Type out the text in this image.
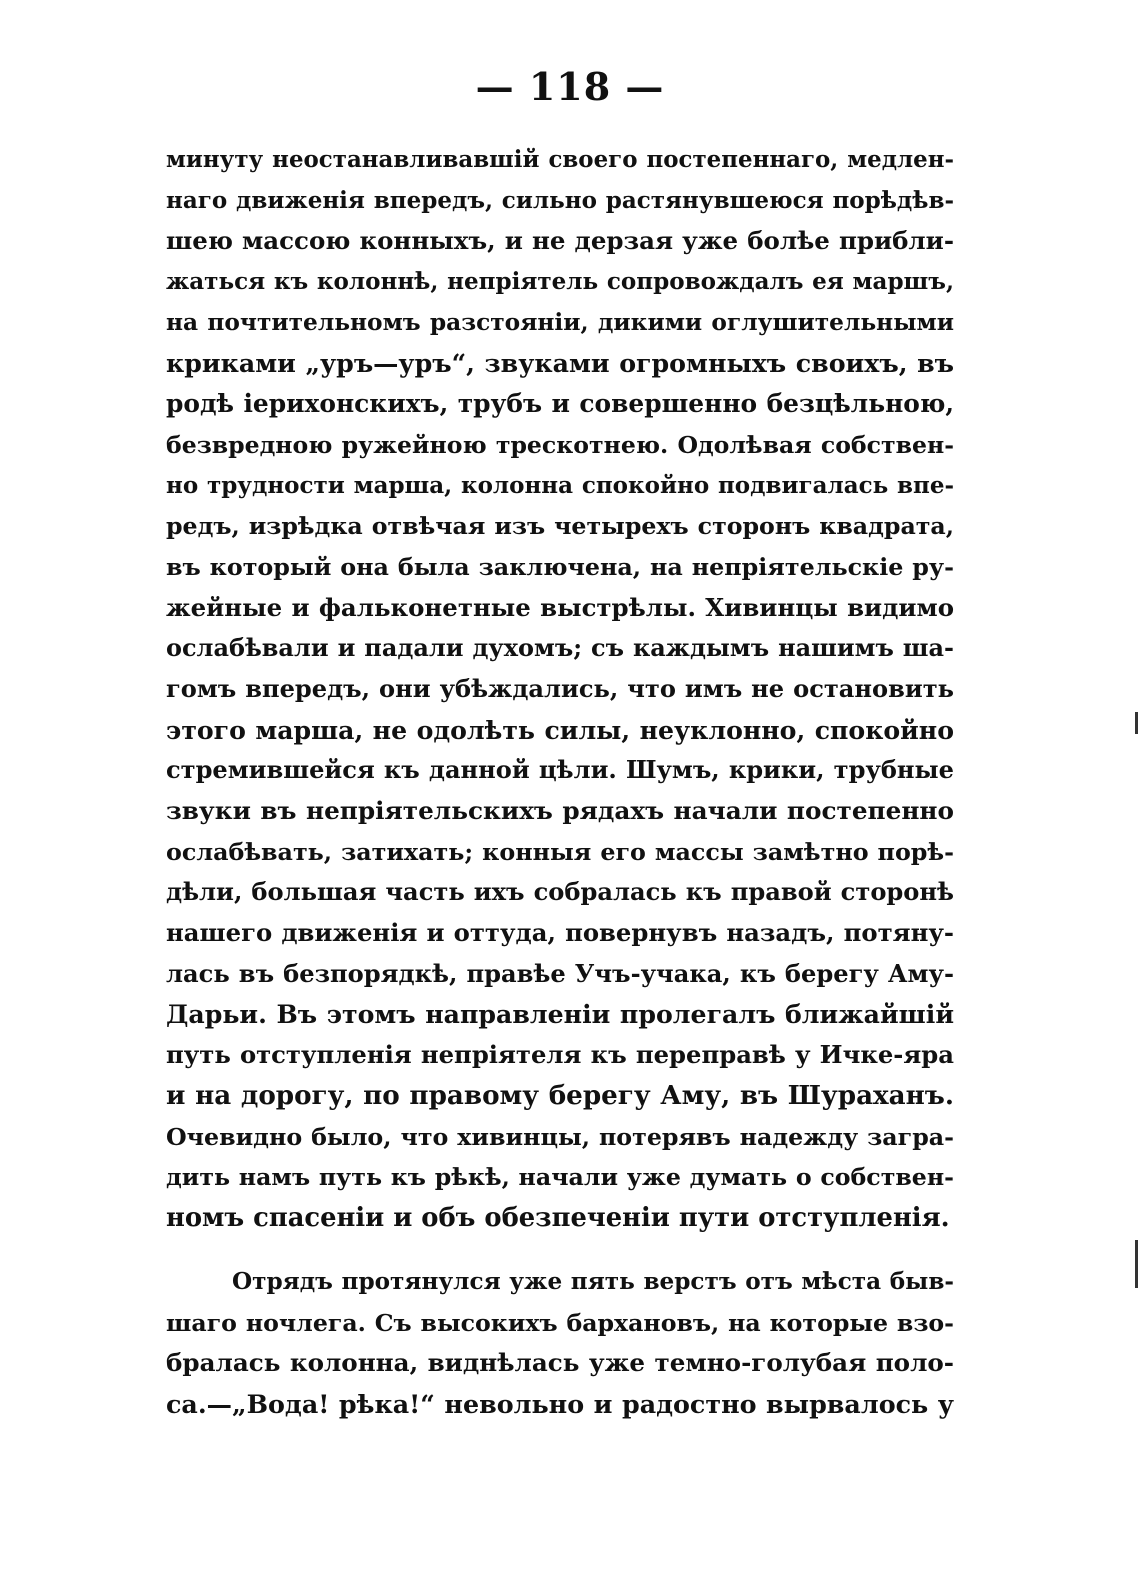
— 118 —
минуту неостанавливавшій своего постепеннаго, медлен-
наго движенія впередъ, сильно растянувшеюся порѣдѣв-
шею массою конныхъ, и не дерзая уже болѣе прибли-
жаться къ колоннѣ, непріятель сопровождалъ ея маршъ,
на почтительномъ разстояніи, дикими оглушительными
криками „уръ—уръ“, звуками огромныхъ своихъ, въ
родѣ іерихонскихъ, трубъ и совершенно безцѣльною,
безвредною ружейною трескотнею. Одолѣвая собствен-
но трудности марша, колонна спокойно подвигалась впе-
редъ, изрѣдка отвѣчая изъ четырехъ сторонъ квадрата,
въ который она была заключена, на непріятельскіе ру-
жейные и фальконетные выстрѣлы. Хивинцы видимо
ослабѣвали и падали духомъ; съ каждымъ нашимъ ша-
гомъ впередъ, они убѣждались, что имъ не остановить
этого марша, не одолѣть силы, неуклонно, спокойно
стремившейся къ данной цѣли. Шумъ, крики, трубные
звуки въ непріятельскихъ рядахъ начали постепенно
ослабѣвать, затихать; конныя его массы замѣтно порѣ-
дѣли, большая часть ихъ собралась къ правой сторонѣ
нашего движенія и оттуда, повернувъ назадъ, потяну-
лась въ безпорядкѣ, правѣе Учъ-учака, къ берегу Аму-
Дарьи. Въ этомъ направленіи пролегалъ ближайшій
путь отступленія непріятеля къ переправѣ у Ичке-яра
и на дорогу, по правому берегу Аму, въ Шураханъ.
Очевидно было, что хивинцы, потерявъ надежду загра-
дить намъ путь къ рѣкѣ, начали уже думать о собствен-
номъ спасеніи и объ обезпеченіи пути отступленія.
Отрядъ протянулся уже пять верстъ отъ мѣста быв-
шаго ночлега. Съ высокихъ бархановъ, на которые взо-
бралась колонна, виднѣлась уже темно-голубая поло-
са.—„Вода! рѣка!“ невольно и радостно вырвалось у
